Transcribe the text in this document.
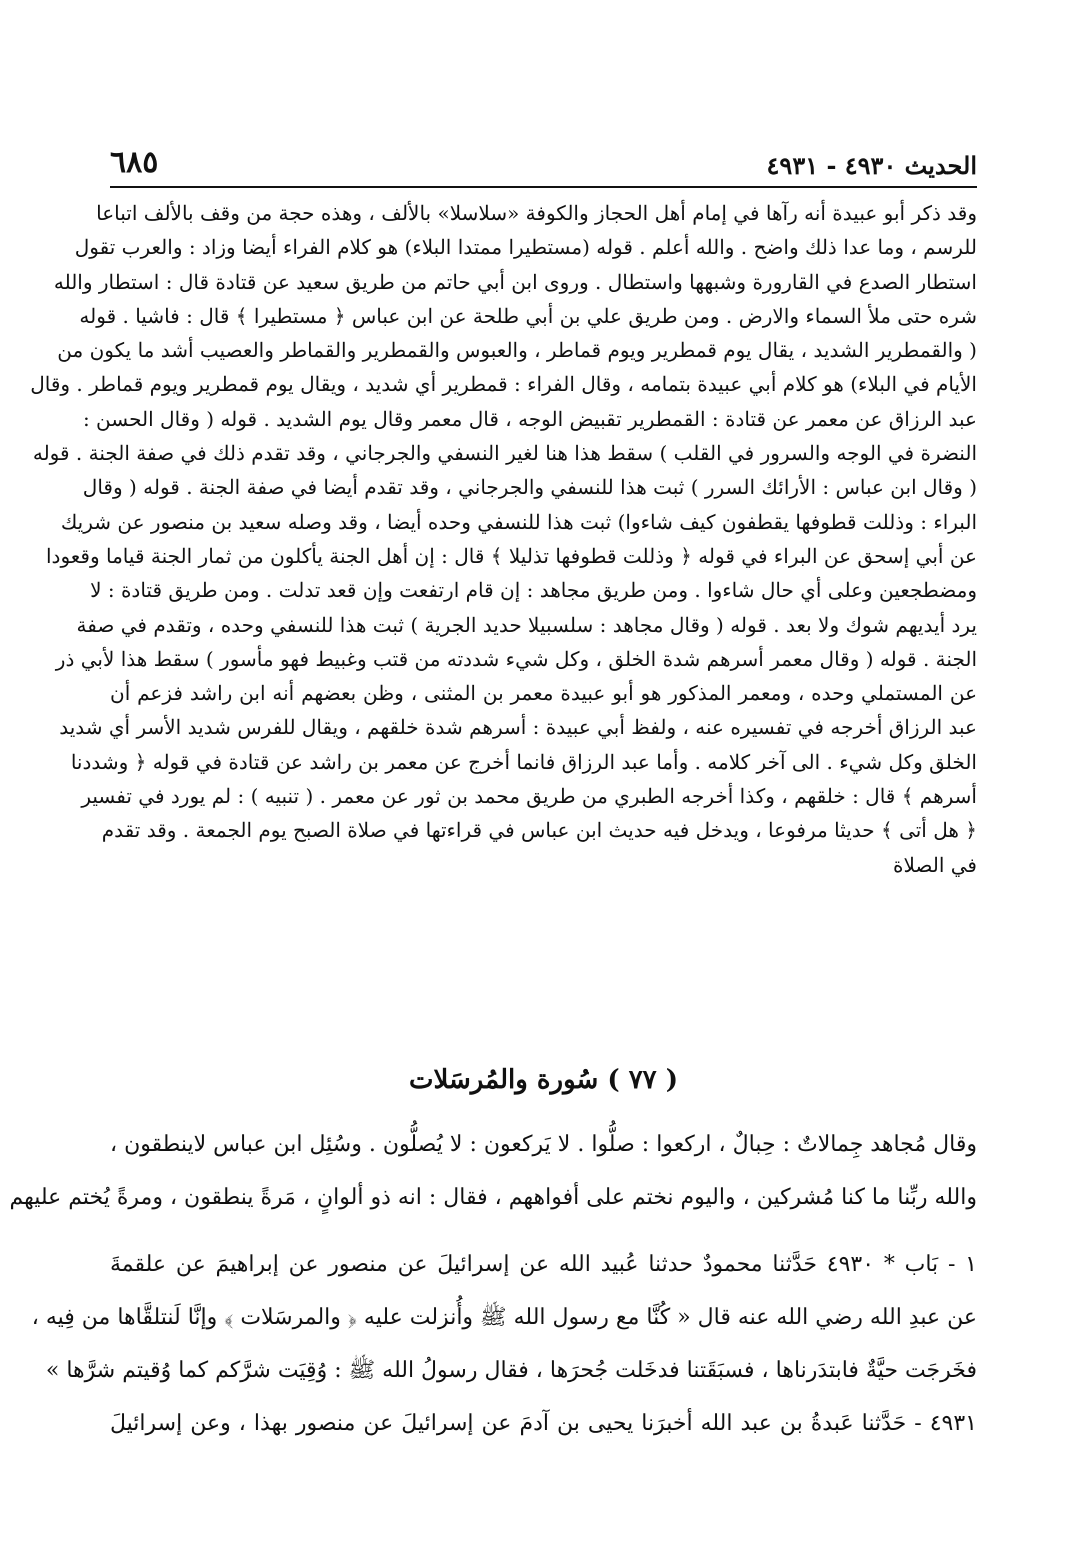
الحديث ٤٩٣٠ - ٤٩٣١
٦٨٥
وقد ذكر أبو عبيدة أنه رآها في إمام أهل الحجاز والكوفة «سلاسلا» بالألف ، وهذه حجة من وقف بالألف اتباعا
للرسم ، وما عدا ذلك واضح . والله أعلم . قوله (مستطيرا ممتدا البلاء) هو كلام الفراء أيضا وزاد : والعرب تقول
استطار الصدع في القارورة وشبهها واستطال . وروى ابن أبي حاتم من طريق سعيد عن قتادة قال : استطار والله
شره حتى ملأ السماء والارض . ومن طريق علي بن أبي طلحة عن ابن عباس ﴿ مستطيرا ﴾ قال : فاشيا . قوله
( والقمطرير الشديد ، يقال يوم قمطرير ويوم قماطر ، والعبوس والقمطرير والقماطر والعصيب أشد ما يكون من
الأيام في البلاء) هو كلام أبي عبيدة بتمامه ، وقال الفراء : قمطرير أي شديد ، ويقال يوم قمطرير ويوم قماطر . وقال
عبد الرزاق عن معمر عن قتادة : القمطرير تقبيض الوجه ، قال معمر وقال يوم الشديد . قوله ( وقال الحسن :
النضرة في الوجه والسرور في القلب ) سقط هذا هنا لغير النسفي والجرجاني ، وقد تقدم ذلك في صفة الجنة . قوله
( وقال ابن عباس : الأرائك السرر ) ثبت هذا للنسفي والجرجاني ، وقد تقدم أيضا في صفة الجنة . قوله ( وقال
البراء : وذللت قطوفها يقطفون كيف شاءوا) ثبت هذا للنسفي وحده أيضا ، وقد وصله سعيد بن منصور عن شريك
عن أبي إسحق عن البراء في قوله ﴿ وذللت قطوفها تذليلا ﴾ قال : إن أهل الجنة يأكلون من ثمار الجنة قياما وقعودا
ومضطجعين وعلى أي حال شاءوا . ومن طريق مجاهد : إن قام ارتفعت وإن قعد تدلت . ومن طريق قتادة : لا
يرد أيديهم شوك ولا بعد . قوله ( وقال مجاهد : سلسبيلا حديد الجرية ) ثبت هذا للنسفي وحده ، وتقدم في صفة
الجنة . قوله ( وقال معمر أسرهم شدة الخلق ، وكل شيء شددته من قتب وغبيط فهو مأسور ) سقط هذا لأبي ذر
عن المستملي وحده ، ومعمر المذكور هو أبو عبيدة معمر بن المثنى ، وظن بعضهم أنه ابن راشد فزعم أن
عبد الرزاق أخرجه في تفسيره عنه ، ولفظ أبي عبيدة : أسرهم شدة خلقهم ، ويقال للفرس شديد الأسر أي شديد
الخلق وكل شيء . الى آخر كلامه . وأما عبد الرزاق فانما أخرج عن معمر بن راشد عن قتادة في قوله ﴿ وشددنا
أسرهم ﴾ قال : خلقهم ، وكذا أخرجه الطبري من طريق محمد بن ثور عن معمر . ( تنبيه ) : لم يورد في تفسير
﴿ هل أتى ﴾ حديثا مرفوعا ، ويدخل فيه حديث ابن عباس في قراءتها في صلاة الصبح يوم الجمعة . وقد تقدم
في الصلاة
( ٧٧ ) سُورة والمُرسَلات
وقال مُجاهد جِمالاتٌ : حِبالٌ ، اركعوا : صلُّوا . لا يَركعون : لا يُصلُّون . وسُئِل ابن عباس لاينطقون ،
والله ربِّنا ما كنا مُشركين ، واليوم نختم على أفواههم ، فقال : انه ذو ألوانٍ ، مَرةً ينطقون ، ومرةً يُختم عليهم
١ - بَاب * ٤٩٣٠ حَدَّثنا محمودٌ حدثنا عُبيد الله عن إسرائيلَ عن منصور عن إبراهيمَ عن علقمةَ
عن عبدِ الله رضي الله عنه قال « كُنَّا مع رسول الله ﷺ وأُنزلت عليه ﴿ والمرسَلات ﴾ وإنَّا لَنتلقَّاها من فِيه ،
فخَرجَت حيَّةٌ فابتدَرناها ، فسبَقَتنا فدخَلت جُحرَها ، فقال رسولُ الله ﷺ : وُقِيَت شرَّكم كما وُقيتم شرَّها »
٤٩٣١ - حَدَّثنا عَبدةُ بن عبد الله أخبرَنا يحيى بن آدمَ عن إسرائيلَ عن منصور بهذا ، وعن إسرائيلَ
